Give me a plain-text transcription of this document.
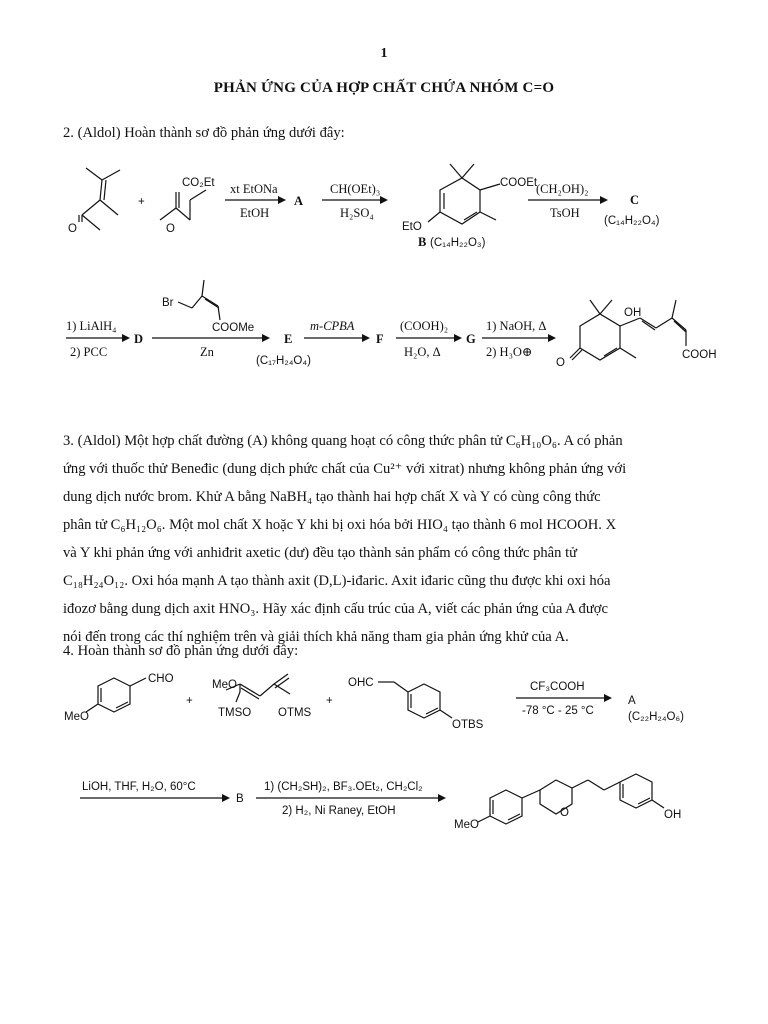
1
PHẢN ỨNG CỦA HỢP CHẤT CHỨA NHÓM C=O
2. (Aldol) Hoàn thành sơ đồ phản ứng dưới đây:
O
+
O
CO₂Et xt EtONa
EtOH
A
CH(OEt)₃
H₂SO₄
COOEt
EtO
B (C₁₄H₂₂O₃)
(CH₂OH)₂
TsOH
C
(C₁₄H₂₂O₄)
1) LiAlH₄
2) PCC
D
Br
COOMe
Zn
E
(C₁₇H₂₄O₄)
m-CPBA
F
(COOH)₂
H₂O, Δ
G
1) NaOH, Δ
2) H₃O⊕
OH
O
COOH
3. (Aldol) Một hợp chất đường (A) không quang hoạt có công thức phân tử C₆H₁₀O₆. A có phản
ứng với thuốc thử Beneđic (dung dịch phức chất của Cu²⁺ với xitrat) nhưng không phản ứng với
dung dịch nước brom. Khử A bằng NaBH₄ tạo thành hai hợp chất X và Y có cùng công thức
phân tử C₆H₁₂O₆. Một mol chất X hoặc Y khi bị oxi hóa bởi HIO₄ tạo thành 6 mol HCOOH. X
và Y khi phản ứng với anhiđrit axetic (dư) đều tạo thành sản phẩm có công thức phân tử
C₁₈H₂₄O₁₂. Oxi hóa mạnh A tạo thành axit (D,L)-iđaric. Axit iđaric cũng thu được khi oxi hóa
iđozơ bằng dung dịch axit HNO₃. Hãy xác định cấu trúc của A, viết các phản ứng của A được
nói đến trong các thí nghiệm trên và giải thích khả năng tham gia phản ứng khử của A.
4. Hoàn thành sơ đồ phản ứng dưới đây:
CHO
MeO
+
MeO
TMSO OTMS
+
OHC
OTBS
CF₃COOH
-78 °C - 25 °C
A
(C₂₂H₂₄O₆)
LiOH, THF, H₂O, 60°C
B
1) (CH₂SH)₂, BF₃.OEt₂, CH₂Cl₂
2) H₂, Ni Raney, EtOH	O
MeO
OH
